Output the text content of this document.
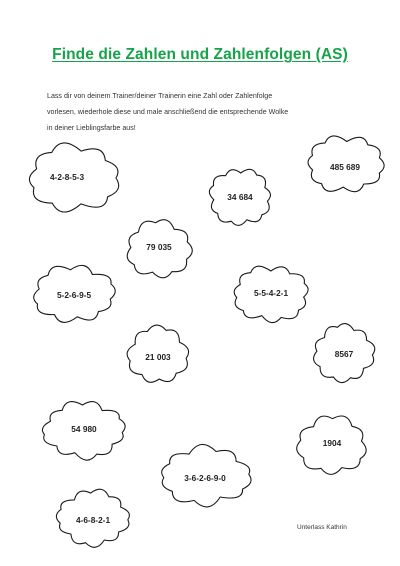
Finde die Zahlen und Zahlenfolgen (AS)
Lass dir von deinem Trainer/deiner Trainerin eine Zahl oder Zahlenfolge
vorlesen, wiederhole diese und male anschließend die entsprechende Wolke
in deiner Lieblingsfarbe aus!
4-2-8-5-3
485 689
34 684
79 035
5-2-6-9-5	5-5-4-2-1
21 003	8567
54 980
1904
3-6-2-6-9-0
4-6-8-2-1
Unterlass Kathrin
